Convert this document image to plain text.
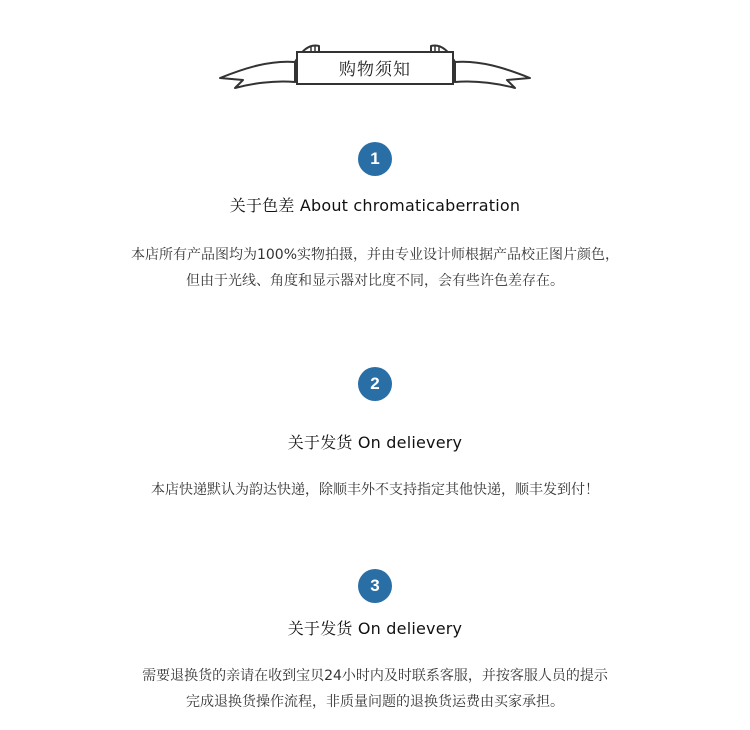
购物须知
1
关于色差 About chromaticaberration
本店所有产品图均为100%实物拍摄，并由专业设计师根据产品校正图片颜色，
但由于光线、角度和显示器对比度不同，会有些许色差存在。
2
关于发货 On delievery
本店快递默认为韵达快递，除顺丰外不支持指定其他快递，顺丰发到付！
3
关于发货 On delievery
需要退换货的亲请在收到宝贝24小时内及时联系客服，并按客服人员的提示
完成退换货操作流程，非质量问题的退换货运费由买家承担。
